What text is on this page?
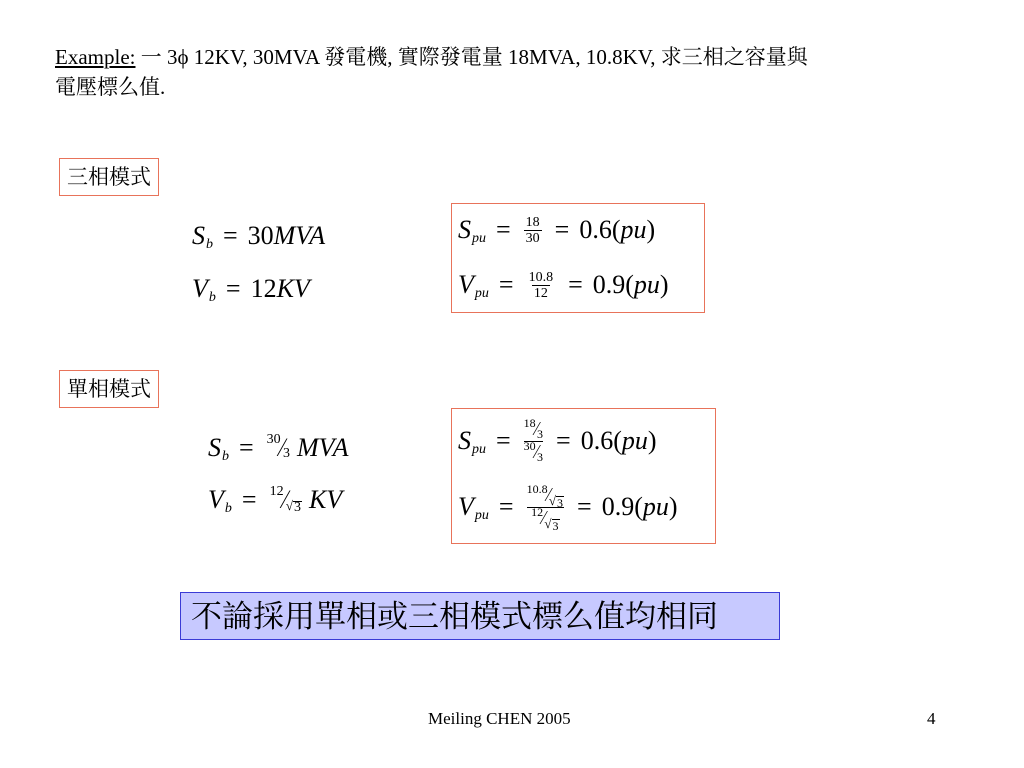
Example: 一 3ϕ 12KV, 30MVA 發電機, 實際發電量 18MVA, 10.8KV, 求三相之容量與
電壓標么值.
三相模式
S b = 30 MVA
V b = 12 KV
S pu = $\frac{18}{30} = 0.6$( pu )
V pu = $\frac{10.8}{12} = 0.9$( pu )
單相模式
S b = 30 ⁄ 3 MVA
V b = 12 ⁄ √ 3 KV
S pu =
18 ⁄ 3
30 ⁄ 3
= 0.6( pu )
V pu =
10.8 ⁄ √ 3
12 ⁄ √ 3
= 0.9( pu )
不論採用單相或三相模式標么值均相同
Meiling CHEN 2005	4
